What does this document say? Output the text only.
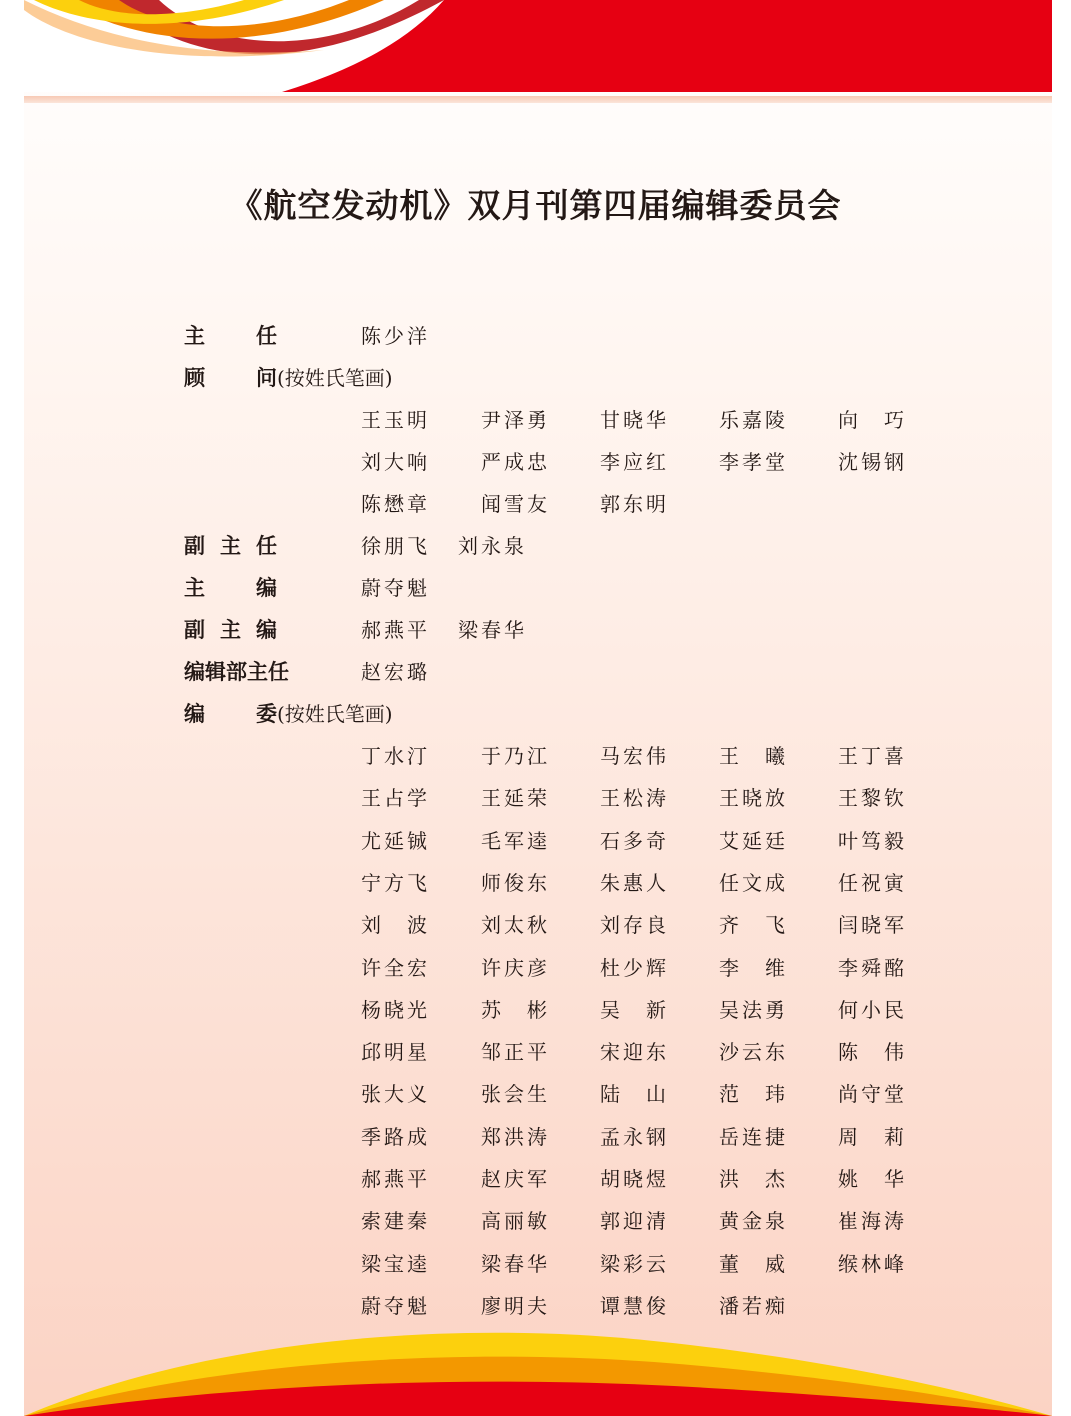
《航空发动机》双月刊第四届编辑委员会
主 任	陈少洋
顾 问(按姓氏笔画)
王玉明	尹泽勇	甘晓华	乐嘉陵	向　巧
刘大响	严成忠	李应红	李孝堂	沈锡钢
陈懋章	闻雪友	郭东明
副 主 任	徐朋飞 刘永泉
主 编	蔚夺魁
副 主 编	郝燕平 梁春华
编辑部主任	赵宏璐
编 委(按姓氏笔画)
丁水汀	于乃江	马宏伟	王　曦	王丁喜
王占学	王延荣	王松涛	王晓放	王黎钦
尤延铖	毛军逵	石多奇	艾延廷	叶笃毅
宁方飞	师俊东	朱惠人	任文成	任祝寅
刘　波	刘太秋	刘存良	齐　飞	闫晓军
许全宏	许庆彦	杜少辉	李　维	李舜酩
杨晓光	苏　彬	吴　新	吴法勇	何小民
邱明星	邹正平	宋迎东	沙云东	陈　伟
张大义	张会生	陆　山	范　玮	尚守堂
季路成	郑洪涛	孟永钢	岳连捷	周　莉
郝燕平	赵庆军	胡晓煜	洪　杰	姚　华
索建秦	高丽敏	郭迎清	黄金泉	崔海涛
梁宝逵	梁春华	梁彩云	董　威	缑林峰
蔚夺魁	廖明夫	谭慧俊	潘若痴
